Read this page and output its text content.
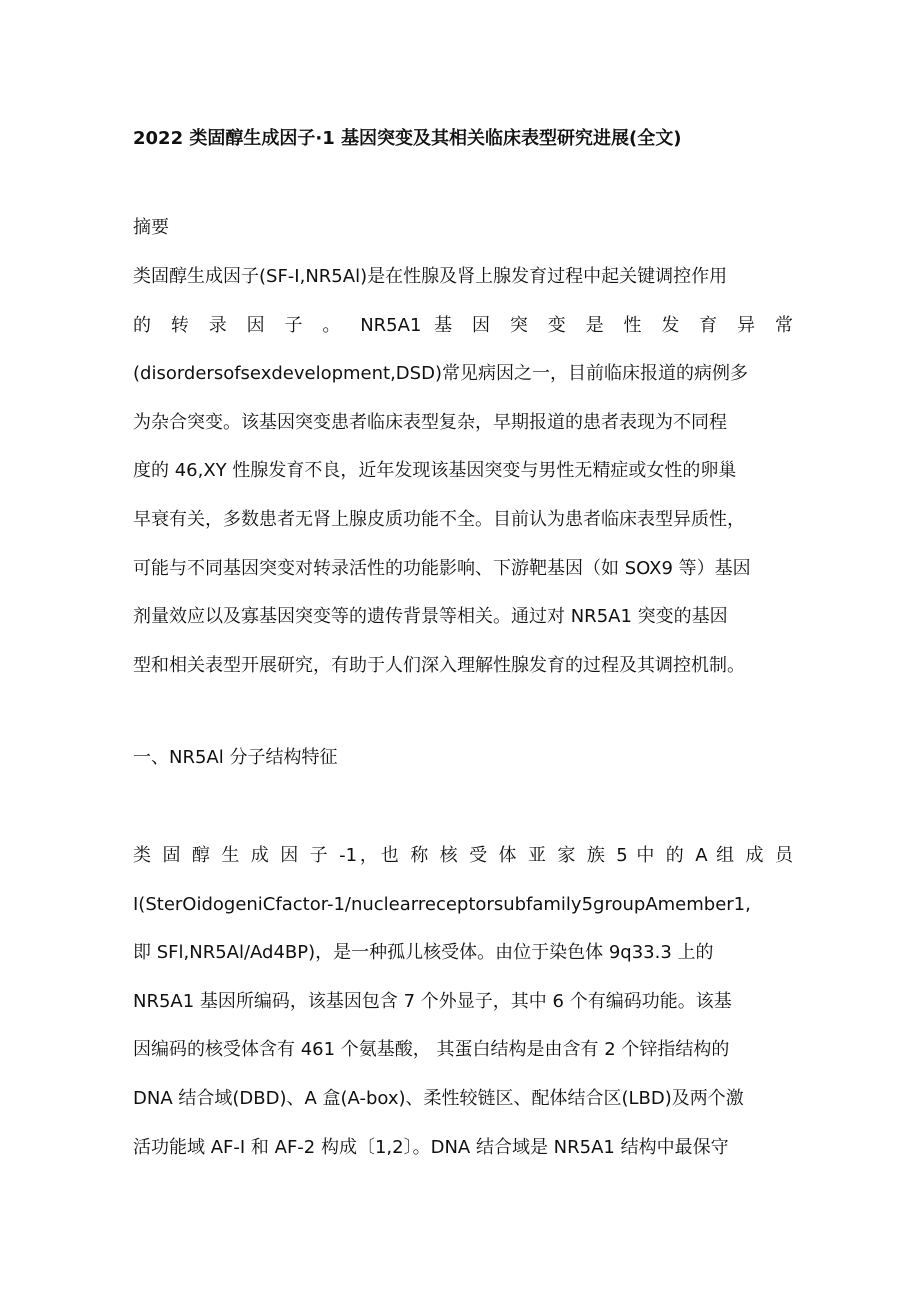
2022 类固醇生成因子·1 基因突变及其相关临床表型研究进展(全文)
摘要
类固醇生成因子(SF-I,NR5Al)是在性腺及肾上腺发育过程中起关键调控作用
的 转 录 因 子 。 NR5A1 基 因 突 变 是 性 发 育 异 常
(disordersofsexdevelopment,DSD)常见病因之一，目前临床报道的病例多
为杂合突变。该基因突变患者临床表型复杂，早期报道的患者表现为不同程
度的 46,XY 性腺发育不良，近年发现该基因突变与男性无精症或女性的卵巢
早衰有关，多数患者无肾上腺皮质功能不全。目前认为患者临床表型异质性，
可能与不同基因突变对转录活性的功能影响、下游靶基因（如 SOX9 等）基因
剂量效应以及寡基因突变等的遗传背景等相关。通过对 NR5A1 突变的基因
型和相关表型开展研究，有助于人们深入理解性腺发育的过程及其调控机制。
一、NR5Al 分子结构特征
类 固 醇 生 成 因 子 -1，也 称 核 受 体 亚 家 族 5 中 的 A 组 成 员
I(SterOidogeniCfactor-1/nuclearreceptorsubfamily5groupAmember1,
即 SFl,NR5Al/Ad4BP)，是一种孤儿核受体。由位于染色体 9q33.3 上的
NR5A1 基因所编码，该基因包含 7 个外显子，其中 6 个有编码功能。该基
因编码的核受体含有 461 个氨基酸， 其蛋白结构是由含有 2 个锌指结构的
DNA 结合域(DBD)、A 盒(A-box)、柔性较链区、配体结合区(LBD)及两个激
活功能域 AF-I 和 AF-2 构成〔1,2〕。DNA 结合域是 NR5A1 结构中最保守
